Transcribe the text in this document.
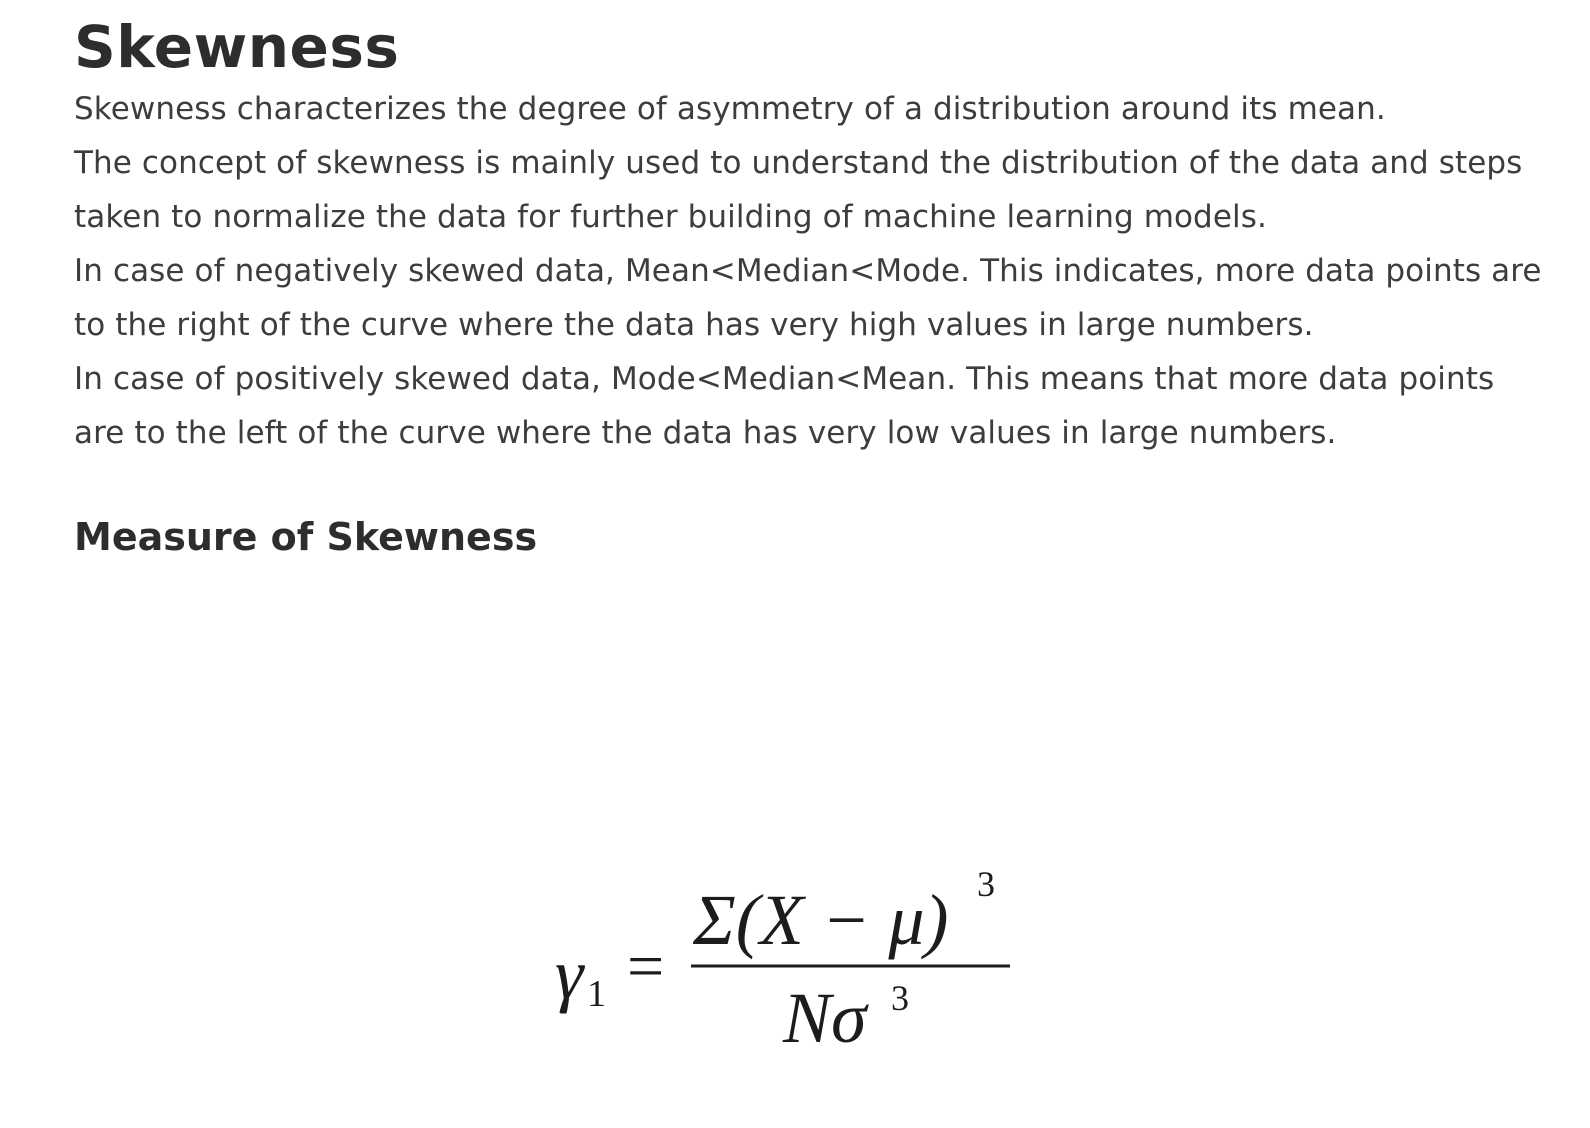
Skewness

Skewness characterizes the degree of asymmetry of a distribution around its mean.

The concept of skewness is mainly used to understand the distribution of the data and steps
taken to normalize the data for further building of machine learning models.

In case of negatively skewed data, Mean<Median<Mode. This indicates, more data points are
to the right of the curve where the data has very high values in large numbers.

In case of positively skewed data, Mode<Median<Mean. This means that more data points
are to the left of the curve where the data has very low values in large numbers.

Measure of Skewness
γ 1 =
Σ(X − μ) 3
Nσ 3
